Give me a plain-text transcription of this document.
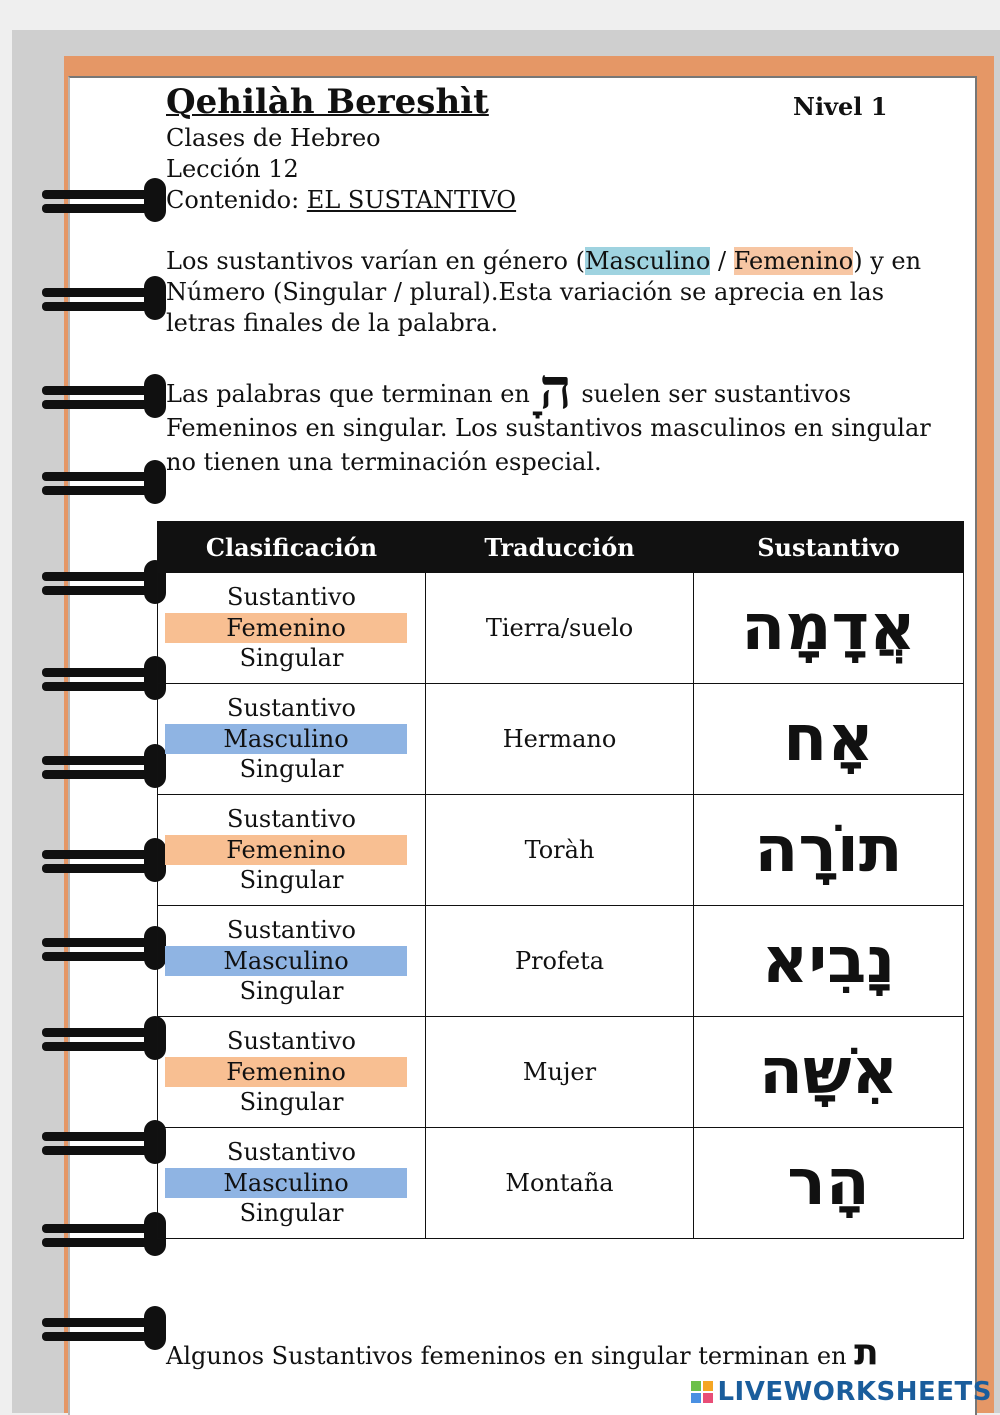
Qehilàh Bereshìt	Nivel 1
Clases de Hebreo
Lección 12
Contenido: EL SUSTANTIVO
Los sustantivos varían en género (Masculino / Femenino) y en Número (Singular / plural).Esta variación se aprecia en las letras finales de la palabra.
Las palabras que terminan en ָה suelen ser sustantivos Femeninos en singular. Los sustantivos masculinos en singular no tienen una terminación especial.
Clasificación	Traducción	Sustantivo

Sustantivo
Femenino
Singular	Tierra/suelo	אֲדָמָה

Sustantivo
Masculino
Singular	Hermano	אָח

Sustantivo
Femenino
Singular	Toràh	תוֹרָה

Sustantivo
Masculino
Singular	Profeta	נָבִיא

Sustantivo
Femenino
Singular	Mujer	אִשָּׁה

Sustantivo
Masculino
Singular	Montaña	הָר
Algunos Sustantivos femeninos en singular terminan en ת
LIVEWORKSHEETS
